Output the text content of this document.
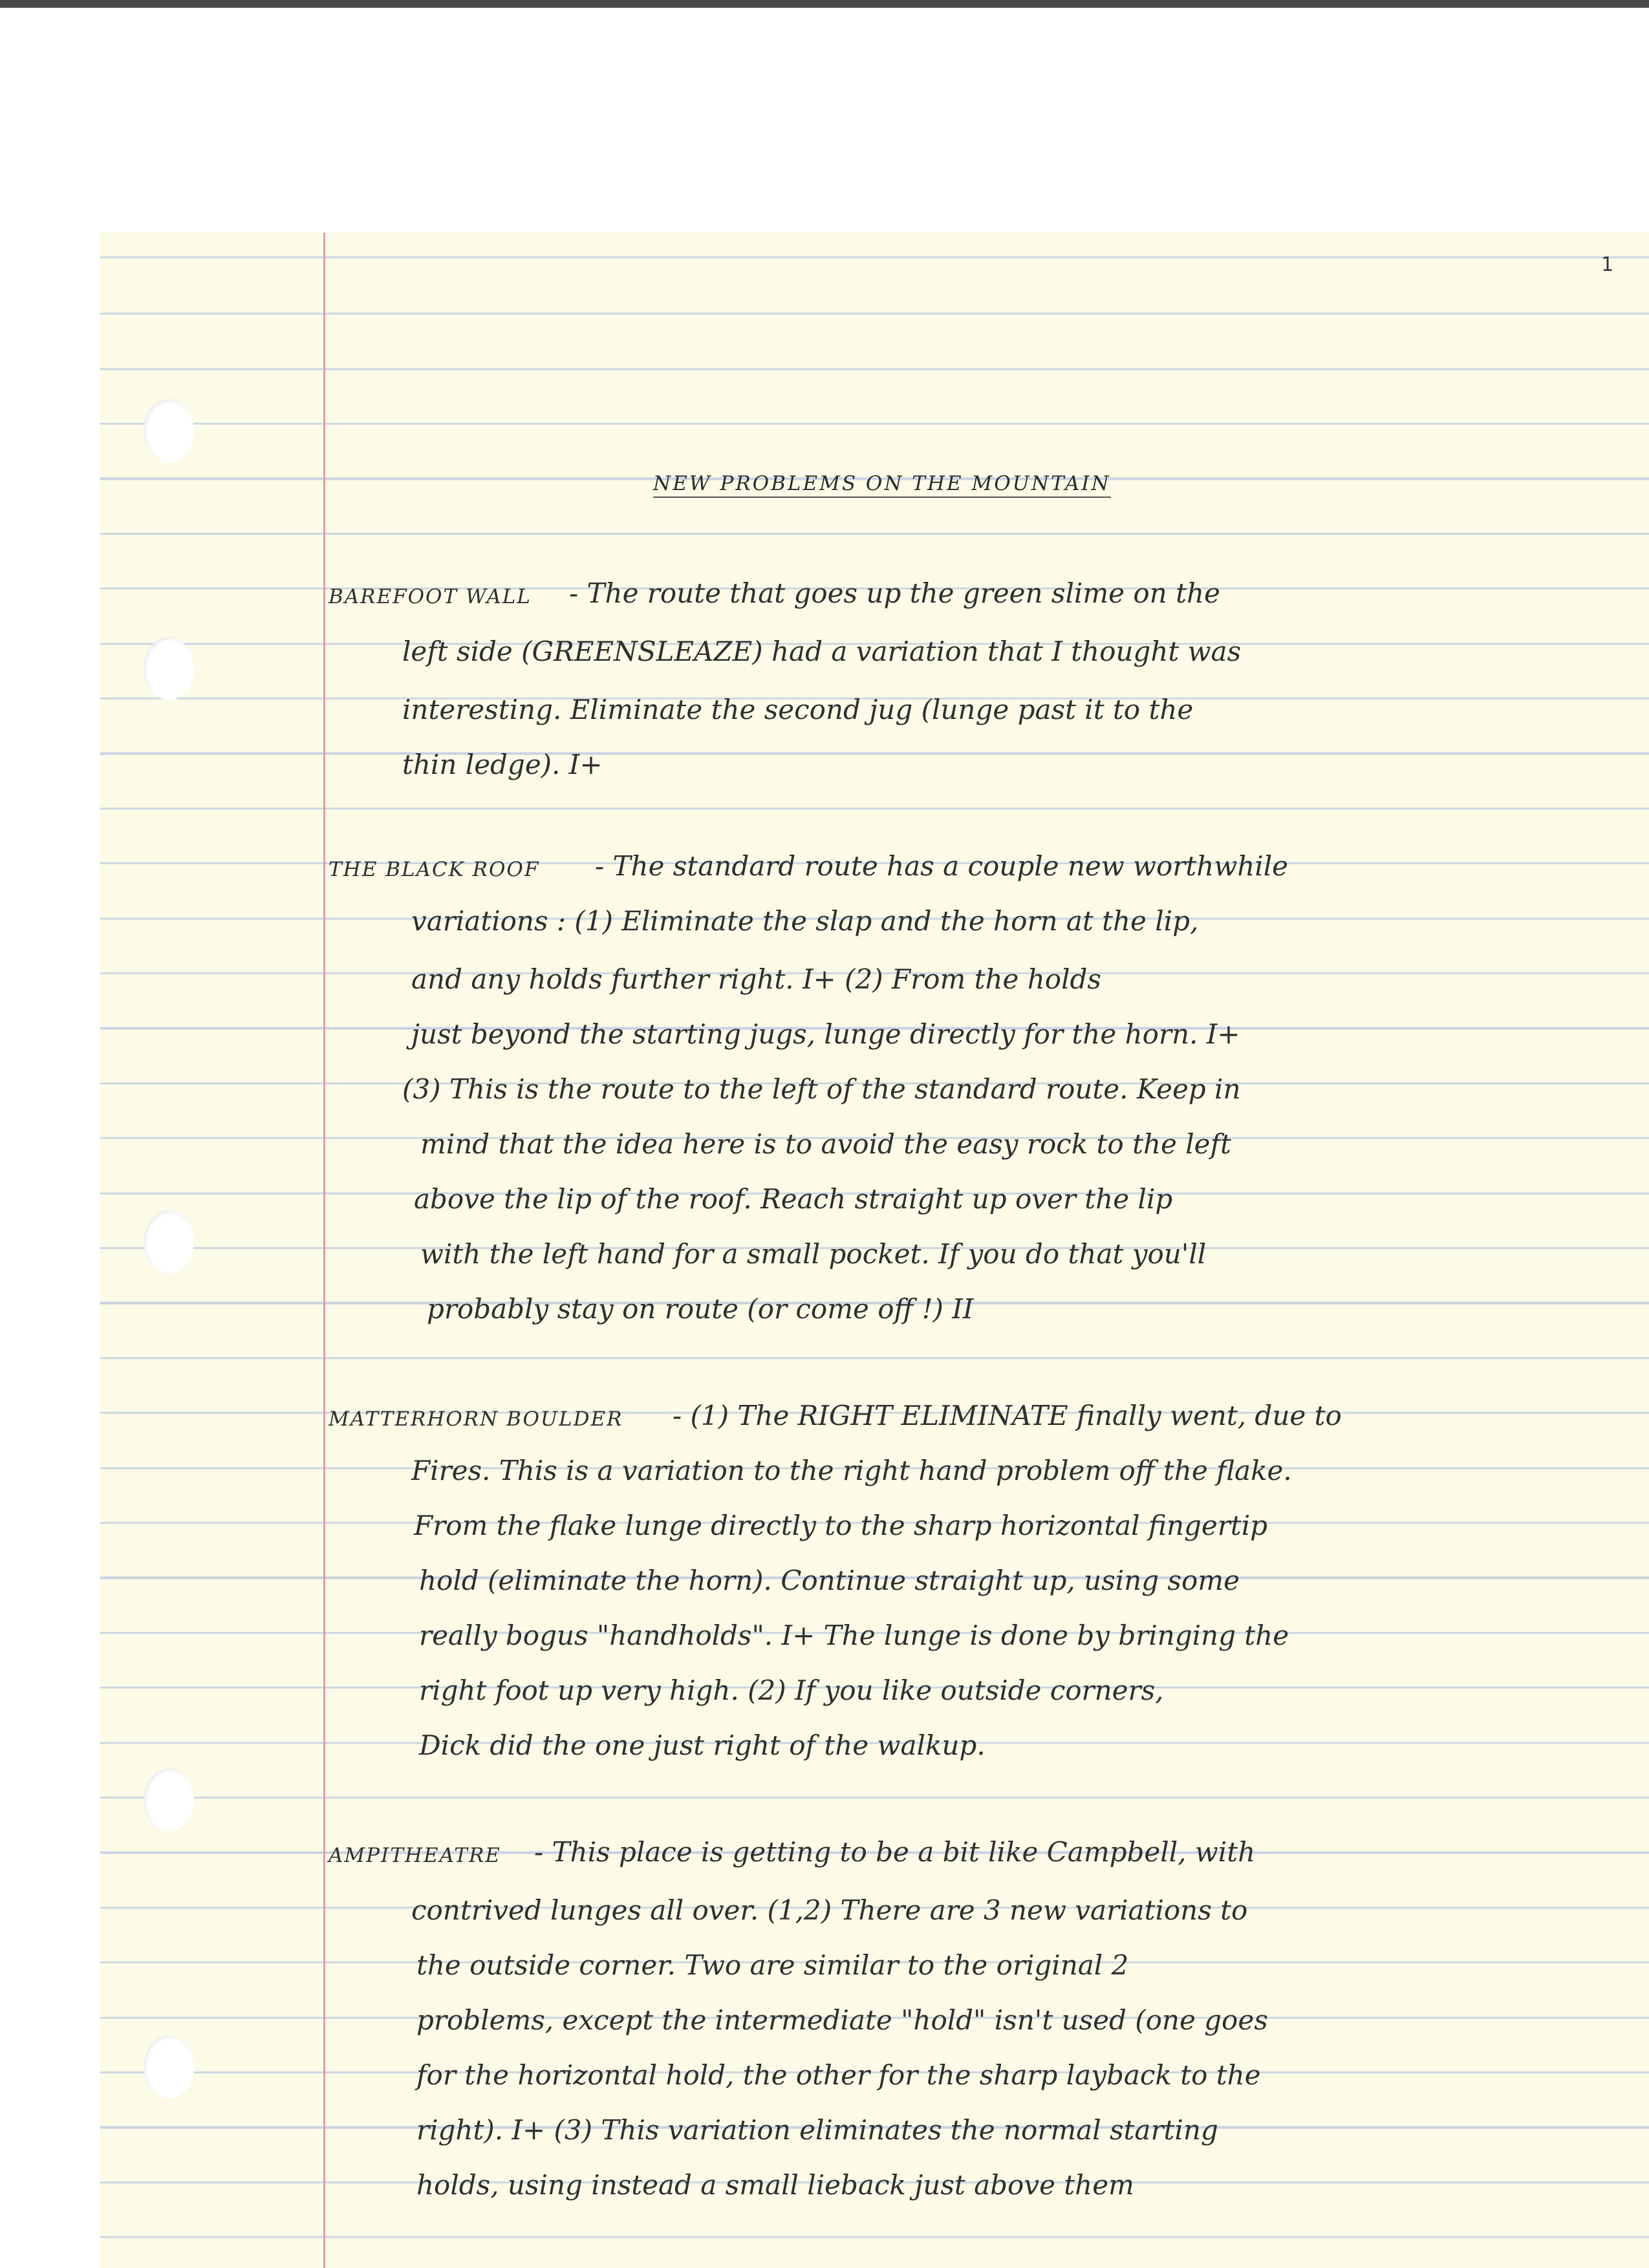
1
NEW PROBLEMS ON THE MOUNTAIN
BAREFOOT WALL - The route that goes up the green slime on the
left side (GREENSLEAZE) had a variation that I thought was
interesting. Eliminate the second jug (lunge past it to the
thin ledge). I+
THE BLACK ROOF - The standard route has a couple new worthwhile
variations : (1) Eliminate the slap and the horn at the lip,
and any holds further right. I+ (2) From the holds
just beyond the starting jugs, lunge directly for the horn. I+
(3) This is the route to the left of the standard route. Keep in
mind that the idea here is to avoid the easy rock to the left
above the lip of the roof. Reach straight up over the lip
with the left hand for a small pocket. If you do that you'll
probably stay on route (or come off !) II
MATTERHORN BOULDER - (1) The RIGHT ELIMINATE finally went, due to
Fires. This is a variation to the right hand problem off the flake.
From the flake lunge directly to the sharp horizontal fingertip
hold (eliminate the horn). Continue straight up, using some
really bogus "handholds". I+ The lunge is done by bringing the
right foot up very high. (2) If you like outside corners,
Dick did the one just right of the walkup.
AMPITHEATRE - This place is getting to be a bit like Campbell, with
contrived lunges all over. (1,2) There are 3 new variations to
the outside corner. Two are similar to the original 2
problems, except the intermediate "hold" isn't used (one goes
for the horizontal hold, the other for the sharp layback to the
right). I+ (3) This variation eliminates the normal starting
holds, using instead a small lieback just above them
